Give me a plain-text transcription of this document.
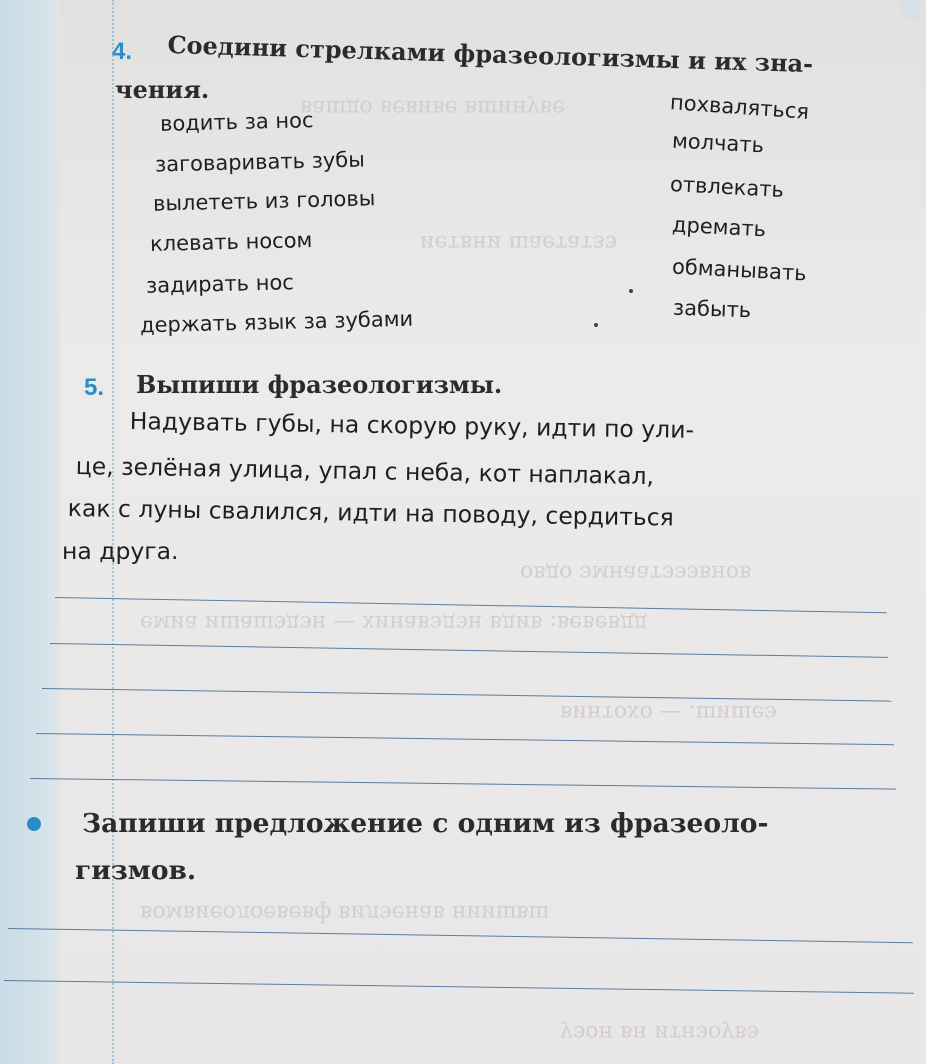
вашдо вевиве вшинуве
иетвни шаетатзэ
овдо эмнаатэээвнов
емиа ишашэдэн — хинавэдэн вдив :вевевдд
винтохо — .шишеэ
вомвиеолоевевф вилэенав ниишвш
уэон вн итнэоувэ
4. Соедини стрелками фразеологизмы и их зна-
чения.
водить за нос
заговаривать зубы
вылететь из головы
клевать носом
задирать нос
держать язык за зубами
похваляться
молчать
отвлекать
дремать
обманывать
забыть
5. Выпиши фразеологизмы.
Надувать губы, на скорую руку, идти по ули-
це, зелёная улица, упал с неба, кот наплакал,
как с луны свалился, идти на поводу, сердиться
на друга.
Запиши предложение с одним из фразеоло-
гизмов.
